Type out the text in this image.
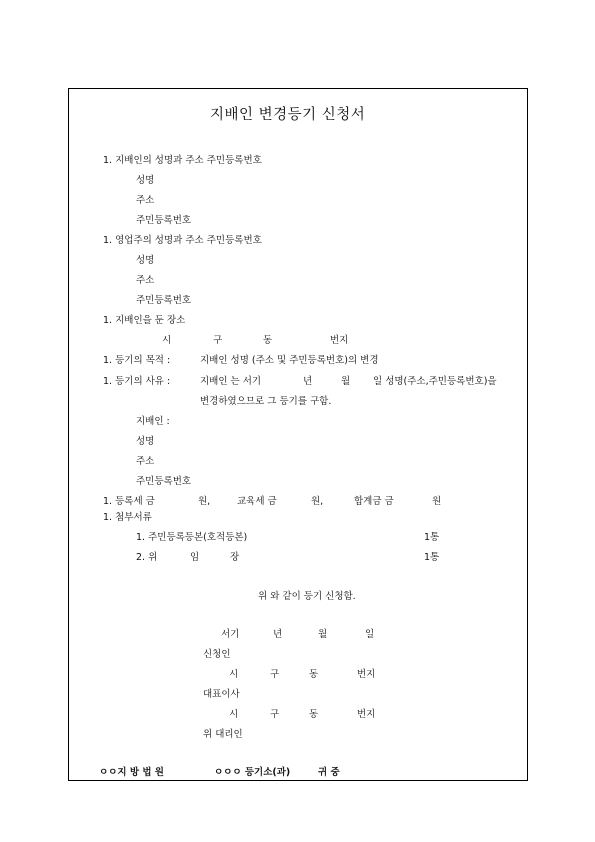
지배인 변경등기 신청서
1. 지배인의 성명과 주소 주민등록번호
성명
주소
주민등록번호
1. 영업주의 성명과 주소 주민등록번호
성명
주소
주민등록번호
1. 지배인을 둔 장소
시	구	동	번지
1. 등기의 목적 :	지배인 성명 (주소 및 주민등록번호)의 변경
1. 등기의 사유 :	지배인 는 서기	년	월 일 성명(주소,주민등록번호)을
변경하였으므로 그 등기를 구함.
지배인 :
성명
주소
주민등록번호
1. 등록세 금	원,	교육세 금	원,	합계금 금	원
1. 첨부서류
1. 주민등록등본(호적등본)	1통
2. 위	임	장	1통
위 와 같이 등기 신청함.
서기	년	월	일
신청인
시	구	동	번지
대표이사
시	구	동	번지
위 대리인
ㅇㅇ지 방 법 원	ㅇㅇㅇ 등기소(과)	귀 중
